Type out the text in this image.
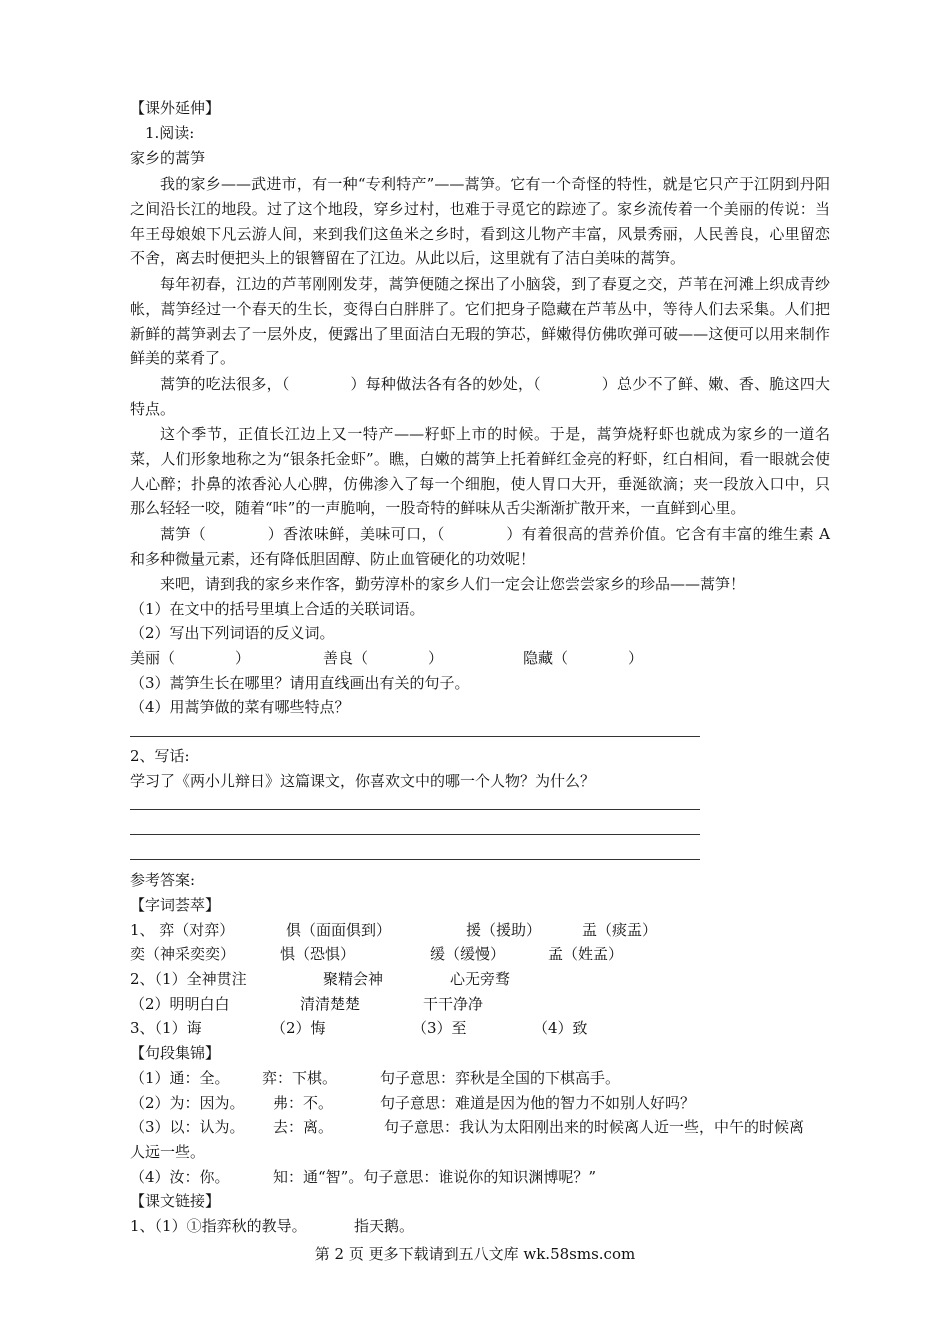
【课外延伸】
1.阅读:
家乡的蒿笋
我的家乡——武进市，有一种“专利特产”——蒿笋。它有一个奇怪的特性，就是它只产于江阴到丹阳之间沿长江的地段。过了这个地段，穿乡过村，也难于寻觅它的踪迹了。家乡流传着一个美丽的传说：当年王母娘娘下凡云游人间，来到我们这鱼米之乡时，看到这儿物产丰富，风景秀丽，人民善良，心里留恋不舍，离去时便把头上的银簪留在了江边。从此以后，这里就有了洁白美味的蒿笋。
每年初春，江边的芦苇刚刚发芽，蒿笋便随之探出了小脑袋，到了春夏之交，芦苇在河滩上织成青纱帐，蒿笋经过一个春天的生长，变得白白胖胖了。它们把身子隐藏在芦苇丛中，等待人们去采集。人们把新鲜的蒿笋剥去了一层外皮，便露出了里面洁白无瑕的笋芯，鲜嫩得仿佛吹弹可破——这便可以用来制作鲜美的菜肴了。
蒿笋的吃法很多，（　　　　）每种做法各有各的妙处，（　　　　）总少不了鲜、嫩、香、脆这四大特点。
这个季节，正值长江边上又一特产——籽虾上市的时候。于是，蒿笋烧籽虾也就成为家乡的一道名菜，人们形象地称之为“银条托金虾”。瞧，白嫩的蒿笋上托着鲜红金亮的籽虾，红白相间，看一眼就会使人心醉；扑鼻的浓香沁人心脾，仿佛渗入了每一个细胞，使人胃口大开，垂涎欲滴；夹一段放入口中，只那么轻轻一咬，随着“咔”的一声脆响，一股奇特的鲜味从舌尖渐渐扩散开来，一直鲜到心里。
蒿笋（　　　　）香浓味鲜，美味可口，（　　　　）有着很高的营养价值。它含有丰富的维生素 A 和多种微量元素，还有降低胆固醇、防止血管硬化的功效呢！
来吧，请到我的家乡来作客，勤劳淳朴的家乡人们一定会让您尝尝家乡的珍品——蒿笋！
（1）在文中的括号里填上合适的关联词语。
（2）写出下列词语的反义词。
美丽（　　　　）	善良（　　　　）	隐藏（　　　　）
（3）蒿笋生长在哪里？请用直线画出有关的句子。
（4）用蒿笋做的菜有哪些特点？
2、写话:
学习了《两小儿辩日》这篇课文，你喜欢文中的哪一个人物？为什么？
参考答案:
【字词荟萃】
1、 弈（对弈）	俱（面面俱到）	援（援助）	盂（痰盂）
奕（神采奕奕）	惧（恐惧）	缓（缓慢）	孟（姓孟）
2、（1）全神贯注	聚精会神	心无旁骛
（2）明明白白	清清楚楚	干干净净
3、（1）诲	（2）悔	（3）至	（4）致
【句段集锦】
（1）通：全。 弈：下棋。	句子意思：弈秋是全国的下棋高手。
（2）为：因为。 弗：不。	句子意思：难道是因为他的智力不如别人好吗？
（3）以：认为。 去：离。	句子意思：我认为太阳刚出来的时候离人近一些，中午的时候离
人远一些。
（4）汝：你。	知：通“智”。句子意思：谁说你的知识渊博呢？”
【课文链接】
1、（1）①指弈秋的教导。	指天鹅。
第 2 页 更多下载请到五八文库 wk.58sms.com
